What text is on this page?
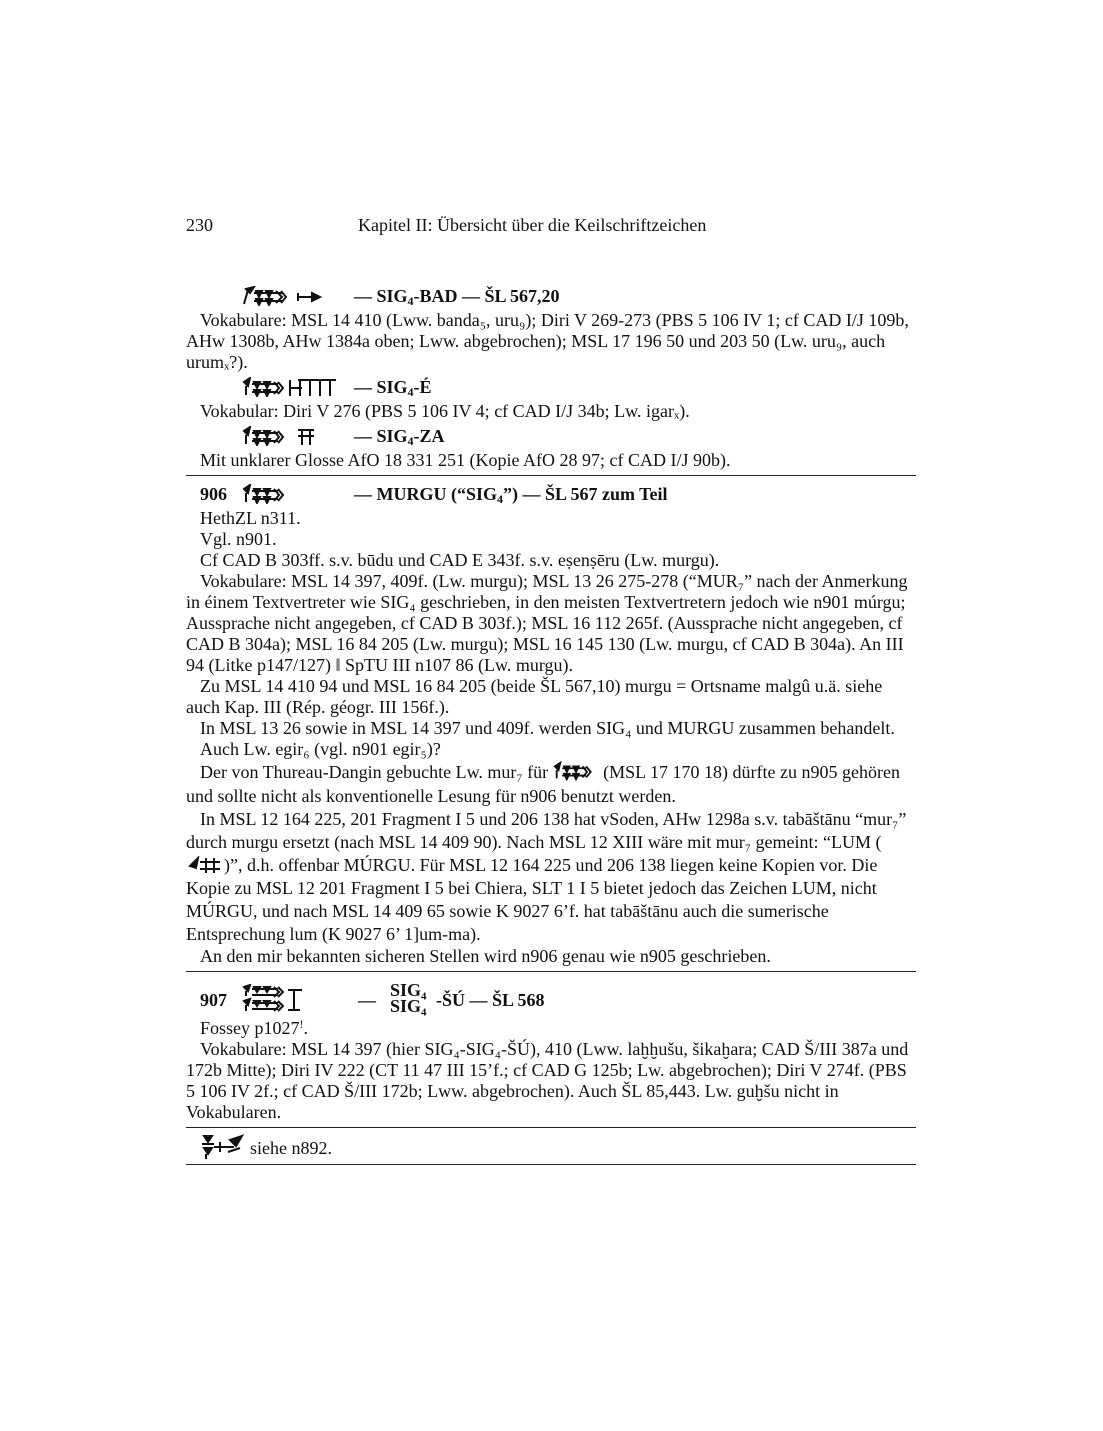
230	Kapitel II: Übersicht über die Keilschriftzeichen
— $SIG_4$-BAD — ŠL 567,20

Vokabulare: MSL 14 410 (Lww. banda₅, uru₉); Diri V 269-273 (PBS 5 106 IV 1; cf CAD I/J 109b, AHw 1308b, AHw 1384a oben; Lww. abgebrochen); MSL 17 196 50 und 203 50 (Lw. uru₉, auch urumₓ?).

— $SIG_4-É$

Vokabular: Diri V 276 (PBS 5 106 IV 4; cf CAD I/J 34b; Lw. igarₓ).

— $SIG_4-ZA$

Mit unklarer Glosse AfO 18 331 251 (Kopie AfO 28 97; cf CAD I/J 90b).

906	— MURGU $(“SIG_4”)$ — ŠL 567 zum Teil

HethZL n311.

Vgl. n901.

Cf CAD B 303ff. s.v. būdu und CAD E 343f. s.v. eṣenṣēru (Lw. murgu).

Vokabulare: MSL 14 397, 409f. (Lw. murgu); MSL 13 26 275-278 (“MUR₇” nach der Anmerkung in éinem Textvertreter wie SIG₄ geschrieben, in den meisten Textvertretern jedoch wie n901 múrgu; Aussprache nicht angegeben, cf CAD B 303f.); MSL 16 112 265f. (Aussprache nicht angegeben, cf CAD B 304a); MSL 16 84 205 (Lw. murgu); MSL 16 145 130 (Lw. murgu, cf CAD B 304a). An III 94 (Litke p147/127) ‖ SpTU III n107 86 (Lw. murgu).

Zu MSL 14 410 94 und MSL 16 84 205 (beide ŠL 567,10) murgu = Ortsname malgû u.ä. siehe auch Kap. III (Rép. géogr. III 156f.).

In MSL 13 26 sowie in MSL 14 397 und 409f. werden SIG₄ und MURGU zusammen behandelt.

Auch Lw. egir₆ (vgl. n901 egir₅)?

Der von Thureau-Dangin gebuchte Lw. mur₇ für	(MSL 17 170 18) dürfte zu n905 gehören und sollte nicht als konventionelle Lesung für n906 benutzt werden.

In MSL 12 164 225, 201 Fragment I 5 und 206 138 hat vSoden, AHw 1298a s.v. tabāštānu “mur₇” durch murgu ersetzt (nach MSL 14 409 90). Nach MSL 12 XIII wäre mit mur₇ gemeint: “LUM ()”, d.h. offenbar MÚRGU. Für MSL 12 164 225 und 206 138 liegen keine Kopien vor. Die Kopie zu MSL 12 201 Fragment I 5 bei Chiera, SLT 1 I 5 bietet jedoch das Zeichen LUM, nicht MÚRGU, und nach MSL 14 409 65 sowie K 9027 6’f. hat tabāštānu auch die sumerische Entsprechung lum (K 9027 6’ 1]um-ma).

An den mir bekannten sicheren Stellen wird n906 genau wie n905 geschrieben.

907	— SIG₄
SIG₄ -ŠÚ — ŠL 568

Fossey p1027!.

Vokabulare: MSL 14 397 (hier SIG₄-SIG₄-ŠÚ), 410 (Lww. laḫḫušu, šikaḫara; CAD Š/III 387a und 172b Mitte); Diri IV 222 (CT 11 47 III 15’f.; cf CAD G 125b; Lw. abgebrochen); Diri V 274f. (PBS 5 106 IV 2f.; cf CAD Š/III 172b; Lww. abgebrochen). Auch ŠL 85,443. Lw. guḫšu nicht in Vokabularen.

siehe n892.
